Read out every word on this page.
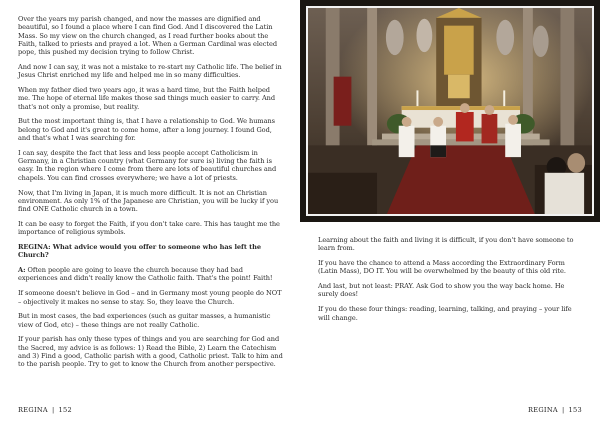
Over the years my parish changed, and now the masses are dignified and beautiful, so I found a place where I can find God. And I discovered the Latin Mass. So my view on the church changed, as I read further books about the Faith, talked to priests and prayed a lot. When a German Cardinal was elected pope, this pushed my decision trying to follow Christ.

And now I can say, it was not a mistake to re-start my Catholic life. The belief in Jesus Christ enriched my life and helped me in so many difficulties.

When my father died two years ago, it was a hard time, but the Faith helped me. The hope of eternal life makes those sad things much easier to carry. And that's not only a promise, but reality.

But the most important thing is, that I have a relationship to God. We humans belong to God and it's great to come home, after a long journey. I found God, and that's what I was searching for.

I can say, despite the fact that less and less people accept Catholicism in Germany, in a Christian country (what Germany for sure is) living the faith is easy. In the region where I come from there are lots of beautiful churches and chapels. You can find crosses everywhere; we have a lot of priests.

Now, that I'm living in Japan, it is much more difficult. It is not an Christian environment. As only 1% of the Japanese are Christian, you will be lucky if you find ONE Catholic church in a town.

It can be easy to forget the Faith, if you don't take care. This has taught me the importance of religious symbols.

REGINA: What advice would you offer to someone who has left the Church?

A: Often people are going to leave the church because they had bad experiences and didn't really know the Catholic faith. That's the point! Faith!

If someone doesn't believe in God – and in Germany most young people do NOT – objectively it makes no sense to stay. So, they leave the Church.

But in most cases, the bad experiences (such as guitar masses, a humanistic view of God, etc) – these things are not really Catholic.

If your parish has only these types of things and you are searching for God and the Sacred, my advice is as follows: 1) Read the Bible, 2) Learn the Catechism and 3) Find a good, Catholic parish with a good, Catholic priest. Talk to him and to the parish people. Try to get to know the Church from another perspective.

REGINA | 152

Learning about the faith and living it is difficult, if you don't have someone to learn from.

If you have the chance to attend a Mass according the Extraordinary Form (Latin Mass), DO IT. You will be overwhelmed by the beauty of this old rite.

And last, but not least: PRAY. Ask God to show you the way back home. He surely does!

If you do these four things: reading, learning, talking, and praying – your life will change.

REGINA | 153
